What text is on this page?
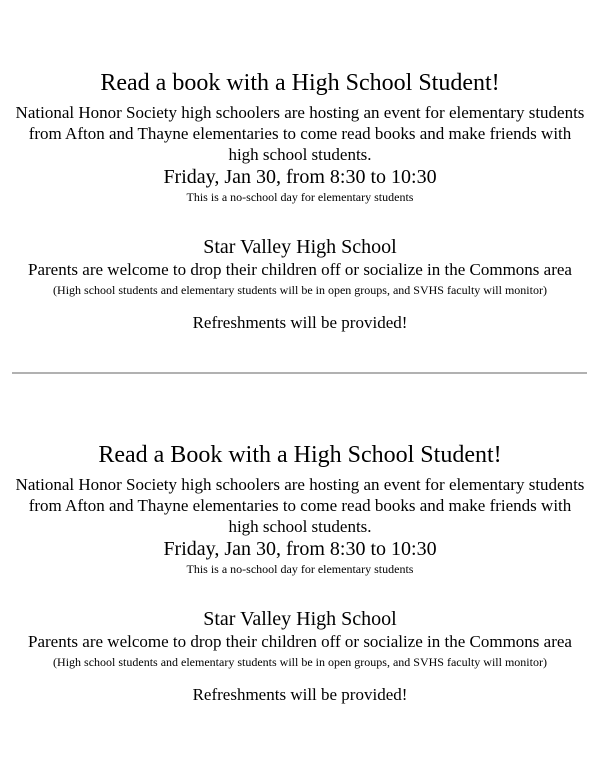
Read a book with a High School Student!

National Honor Society high schoolers are hosting an event for elementary students from Afton and Thayne elementaries to come read books and make friends with high school students.

Friday, Jan 30, from 8:30 to 10:30

This is a no-school day for elementary students

Star Valley High School

Parents are welcome to drop their children off or socialize in the Commons area

(High school students and elementary students will be in open groups, and SVHS faculty will monitor)

Refreshments will be provided!

Read a Book with a High School Student!

National Honor Society high schoolers are hosting an event for elementary students from Afton and Thayne elementaries to come read books and make friends with high school students.

Friday, Jan 30, from 8:30 to 10:30

This is a no-school day for elementary students

Star Valley High School

Parents are welcome to drop their children off or socialize in the Commons area

(High school students and elementary students will be in open groups, and SVHS faculty will monitor)

Refreshments will be provided!
